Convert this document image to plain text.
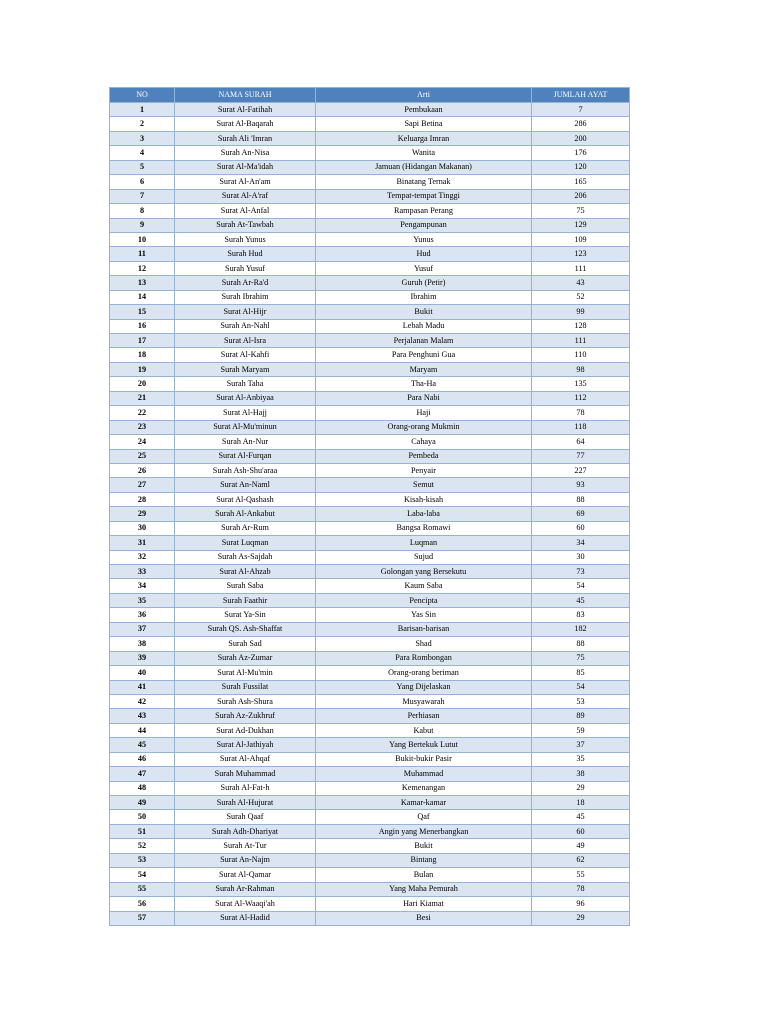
NO	NAMA SURAH	Arti	JUMLAH AYAT
1	Surat Al-Fatihah	Pembukaan	7
2	Surat Al-Baqarah	Sapi Betina	286
3	Surah Ali 'Imran	Keluarga Imran	200
4	Surah An-Nisa	Wanita	176
5	Surat Al-Ma'idah	Jamuan (Hidangan Makanan)	120
6	Surat Al-An'am	Binatang Ternak	165
7	Surat Al-A'raf	Tempat-tempat Tinggi	206
8	Surat Al-Anfal	Rampasan Perang	75
9	Surah At-Tawbah	Pengampunan	129
10	Surah Yunus	Yunus	109
11	Surah Hud	Hud	123
12	Surah Yusuf	Yusuf	111
13	Surah Ar-Ra'd	Guruh (Petir)	43
14	Surah Ibrahim	Ibrahim	52
15	Surat Al-Hijr	Bukit	99
16	Surah An-Nahl	Lebah Madu	128
17	Surat Al-Isra	Perjalanan Malam	111
18	Surat Al-Kahfi	Para Penghuni Gua	110
19	Surah Maryam	Maryam	98
20	Surah Taha	Tha-Ha	135
21	Surat Al-Anbiyaa	Para Nabi	112
22	Surat Al-Hajj	Haji	78
23	Surat Al-Mu'minun	Orang-orang Mukmin	118
24	Surah An-Nur	Cahaya	64
25	Surat Al-Furqan	Pembeda	77
26	Surah Ash-Shu'araa	Penyair	227
27	Surat An-Naml	Semut	93
28	Surat Al-Qashash	Kisah-kisah	88
29	Surah Al-Ankabut	Laba-laba	69
30	Surah Ar-Rum	Bangsa Romawi	60
31	Surat Luqman	Luqman	34
32	Surah As-Sajdah	Sujud	30
33	Surat Al-Ahzab	Golongan yang Bersekutu	73
34	Surah Saba	Kaum Saba	54
35	Surah Faathir	Pencipta	45
36	Surat Ya-Sin	Yas Sin	83
37	Surah QS. Ash-Shaffat	Barisan-barisan	182
38	Surah Sad	Shad	88
39	Surah Az-Zumar	Para Rombongan	75
40	Surat Al-Mu'min	Orang-orang beriman	85
41	Surah Fussilat	Yang Dijelaskan	54
42	Surah Ash-Shura	Musyawarah	53
43	Surah Az-Zukhruf	Perhiasan	89
44	Surat Ad-Dukhan	Kabut	59
45	Surat Al-Jathiyah	Yang Bertekuk Lutut	37
46	Surat Al-Ahqaf	Bukit-bukir Pasir	35
47	Surah Muhammad	Muhammad	38
48	Surah Al-Fat-h	Kemenangan	29
49	Surah Al-Hujurat	Kamar-kamar	18
50	Surah Qaaf	Qaf	45
51	Surah Adh-Dhariyat	Angin yang Menerbangkan	60
52	Surah At-Tur	Bukit	49
53	Surat An-Najm	Bintang	62
54	Surat Al-Qamar	Bulan	55
55	Surah Ar-Rahman	Yang Maha Pemurah	78
56	Surat Al-Waaqi'ah	Hari Kiamat	96
57	Surat Al-Hadid	Besi	29
